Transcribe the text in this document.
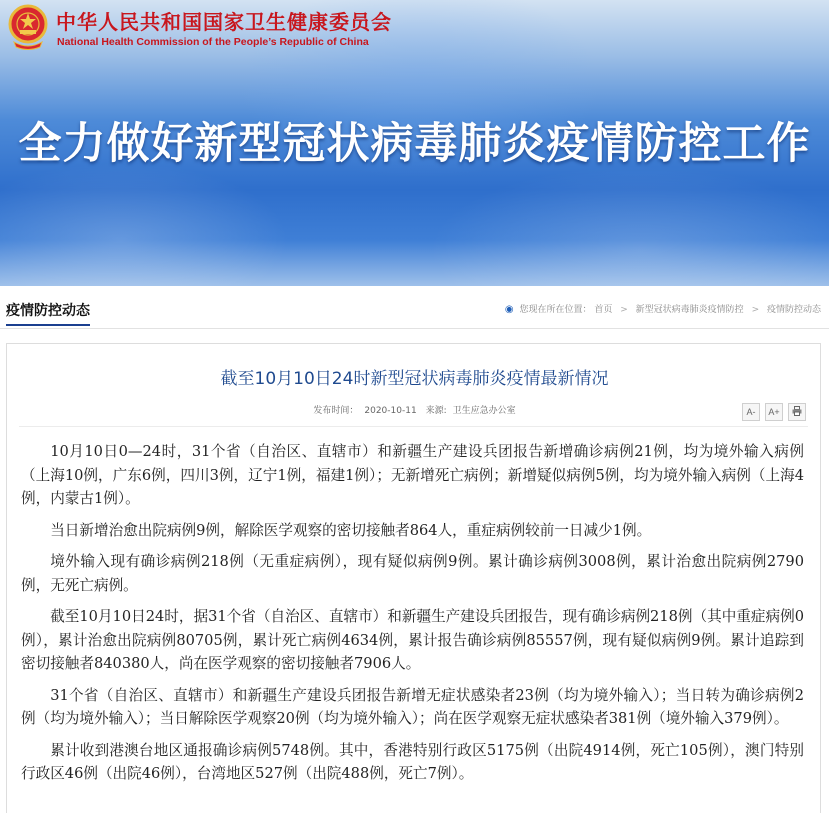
中华人民共和国国家卫生健康委员会
National Health Commission of the People’s Republic of China
全力做好新型冠状病毒肺炎疫情防控工作
疫情防控动态	◉ 您现在所在位置： 首页 > 新型冠状病毒肺炎疫情防控 > 疫情防控动态
截至10月10日24时新型冠状病毒肺炎疫情最新情况
发布时间： 2020-10-11 来源: 卫生应急办公室	A- A+

10月10日0—24时，31个省（自治区、直辖市）和新疆生产建设兵团报告新增确诊病例21例，均为境外输入病例（上海10例，广东6例，四川3例，辽宁1例，福建1例）；无新增死亡病例；新增疑似病例5例，均为境外输入病例（上海4例，内蒙古1例）。

当日新增治愈出院病例9例，解除医学观察的密切接触者864人，重症病例较前一日减少1例。

境外输入现有确诊病例218例（无重症病例），现有疑似病例9例。累计确诊病例3008例，累计治愈出院病例2790例，无死亡病例。

截至10月10日24时，据31个省（自治区、直辖市）和新疆生产建设兵团报告，现有确诊病例218例（其中重症病例0例），累计治愈出院病例80705例，累计死亡病例4634例，累计报告确诊病例85557例，现有疑似病例9例。累计追踪到密切接触者840380人，尚在医学观察的密切接触者7906人。

31个省（自治区、直辖市）和新疆生产建设兵团报告新增无症状感染者23例（均为境外输入）；当日转为确诊病例2例（均为境外输入）；当日解除医学观察20例（均为境外输入）；尚在医学观察无症状感染者381例（境外输入379例）。

累计收到港澳台地区通报确诊病例5748例。其中，香港特别行政区5175例（出院4914例，死亡105例），澳门特别行政区46例（出院46例），台湾地区527例（出院488例，死亡7例）。
